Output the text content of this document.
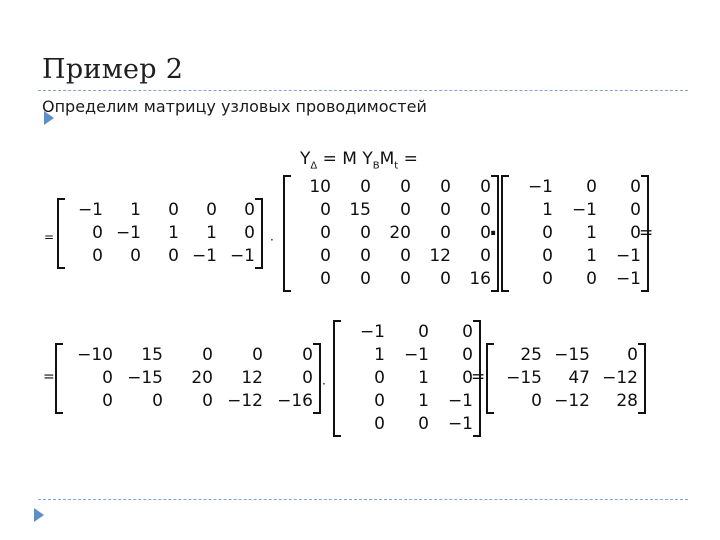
Пример 2
Определим матрицу узловых проводимостей
$Y_\Delta = M$ $Y_BM_t$ =
=
−1	1	0	0	0
0	−1	1	1	0
0	0	0	−1	−1
·
10	0	0	0	0
0	15	0	0	0
0	0	20	0	0
0	0	0	12	0
0	0	0	0	16
.
−1	0	0
1	−1	0
0	1	0
0	1	−1
0	0	−1
=
=
−10	15	0	0	0
0	−15	20	12	0
0	0	0	−12	−16
·
−1	0	0
1	−1	0
0	1	0
0	1	−1
0	0	−1
=
25	−15	0
−15	47	−12
0	−12	28
